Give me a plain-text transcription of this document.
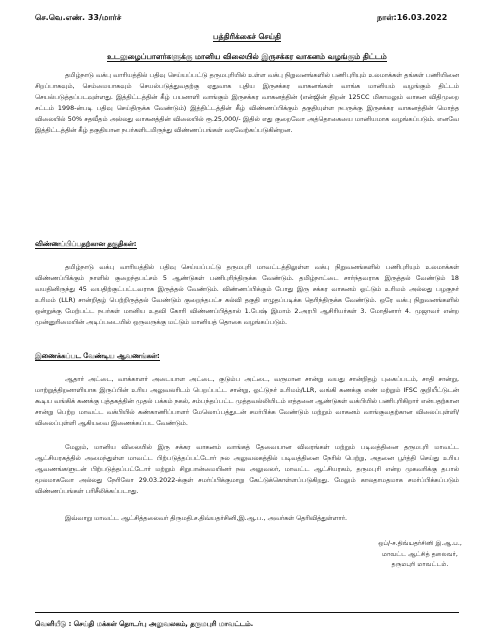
செ.வெ.எண். 33/மார்ச்	நாள்:16.03.2022
பத்திரிக்கைச் செய்தி
உடலுழைப்பாளர்களுக்கு மானிய விலையில் இருசக்கர வாகனம் வழங்கும் திட்டம்

தமிழ்நாடு வக்பு வாரியத்தில் பதிவு செய்யப்பட்டு தருமபுரியில் உள்ள வக்பு நிறுவனங்களில் பணிபுரியும் உலமாக்கள் தங்கள் பணியினை சிறப்பாகவும், செம்மையாகவும் செயல்படுத்துவதற்கு ஏதுவாக புதிய இருசக்கர வாகனங்கள் வாங்க மானியம் வழங்கும் திட்டம் செயல்படுத்தப்படவுள்ளது. இத்திட்டத்தின் கீழ் பயனாளி வாங்கும் இருசக்கர வாகனத்தின் (என்ஜின் திறன் 125CC மிகாமலும் வாகன விதிமுறை சட்டம் 1998-ன்படி பதிவு செய்திருக்க வேண்டும்) இத்திட்டத்தின் கீழ் விண்ணப்பிக்கும் தகுதியுள்ள நபருக்கு இருசக்கர வாகனத்தின் மொத்த விலையில் 50% சதவீதம் அல்லது வாகனத்தின் விலையில் ரூ.25,000/- இதில் எது குறைவோ அத்தொகையை மானியமாக வழங்கப்படும். எனவே இத்திட்டத்தின் கீழ் தகுதியான நபர்களிடமிருந்து விண்ணப்பங்கள் வரவேற்கப்படுகின்றன.

விண்ணப்பிப்பதற்கான தகுதிகள்:

தமிழ்நாடு வக்பு வாரியத்தில் பதிவு செய்யப்பட்டு தருமபுரி மாவட்டத்திலுள்ள வக்பு நிறுவனங்களில் பணிபுரியும் உலமாக்கள் விண்ணப்பிக்கும் நாளில் குறைந்தபட்சம் 5 ஆண்டுகள் பணிபுரிந்திருக்க வேண்டும். தமிழ்நாட்டை சார்ந்தவராக இருத்தல் வேண்டும் 18 வயதினிருந்து 45 வயதிற்குட்பட்டவராக இருத்தல் வேண்டும். விண்ணப்பிக்கும் போது இரு சக்கர வாகனம் ஓட்டும் உரிமம் அல்லது பழகுநர் உரிமம் (LLR) சான்றிதழ் பெற்றிருத்தல் வேண்டும் குறைந்தபட்ச கல்வி தகுதி எழுதப்படிக்க தெரிந்திருக்க வேண்டும். ஒரே வக்பு நிறுவனங்களில் ஒன்றுக்கு மேற்பட்ட நபர்கள் மானிய உதவி கோரி விண்ணப்பித்தால் 1.பேஷ் இமாம் 2.அரபி ஆசிரியர்கள் 3. மோதினார் 4. முஜாவர் என்ற முன்னுரிமையின் அடிப்படையில் ஒருவருக்கு மட்டும் மானியத் தொகை வழங்கப்படும்.

இணைக்கப்பட வேண்டிய ஆவணங்கள்:

ஆதார் அட்டை, வாக்காளர் அடையாள அட்டை, குடும்ப அட்டை, வருமான சான்று வயது சான்றிதழ் புகைப்படம், சாதி சான்று, மாற்றுத்திறனாளியாக இருப்பின் உரிய அலுவலரிடம் பெறப்பட்ட சான்று, ஓட்டுநர் உரிமம்/LLR, வங்கி கணக்கு எண் மற்றும் IFSC குறியீட்டுடன் கூடிய வங்கிக் கணக்கு புத்தகத்தின் முதல் பக்கம் நகல், சம்பந்தப்பட்ட முத்தவல்லியிடம் எத்தனை ஆண்டுகள் வக்பியில் பணிபுரிகிறார் என்பதற்கான சான்று பெற்ற மாவட்ட வக்பியில் கண்காணிப்பாளர் மேலொப்பத்துடன் சமர்பிக்க வேண்டும் மற்றும் வாகனம் வாங்குவதற்கான விலைப்புள்ளி/ விலைப்புள்ளி ஆகியவை இணைக்கப்பட வேண்டும்.

மேலும், மானிய விலையில் இரு சக்கர வாகனம் வாங்கத் தேவையான விவரங்கள் மற்றும் படிவத்தினை தருமபுரி மாவட்ட ஆட்சியரகத்தில் அமைந்துள்ள மாவட்ட பிற்படுத்தப்பட்டோர் நல அலுவலகத்தில் படிவத்தினை நேரில் பெற்று, அதனை பூர்த்தி செய்து உரிய ஆவணங்களுடன் பிற்படுத்தப்பட்டோர் மற்றும் சிறுபான்மையினர் நல அலுவலர், மாவட்ட ஆட்சியரகம், தருமபுரி என்ற முகவரிக்கு தபால் மூலமாகவோ அல்லது நேரிலோ 29.03.2022-க்குள் சமர்ப்பிக்குமாறு கேட்டுக்கொள்ளப்படுகிறது. மேலும் காலதாமதமாக சமர்ப்பிக்கப்படும் விண்ணப்பங்கள் பரிசீலிக்கப்படாது.

இவ்வாறு மாவட்ட ஆட்சித்தலைவர் திருமதி.ச.திவ்யதர்சினி,இ.ஆ.ப., அவர்கள் தெரிவித்துள்ளார்.

ஒப்/-ச.திவ்யதர்சினி இ.ஆ.ப.,
மாவட்ட ஆட்சித் தலைவர்,
தருமபுரி மாவட்டம்.
வெளியீடு : செய்தி மக்கள் தொடர்பு அலுவலகம், தருமபுரி மாவட்டம்.
